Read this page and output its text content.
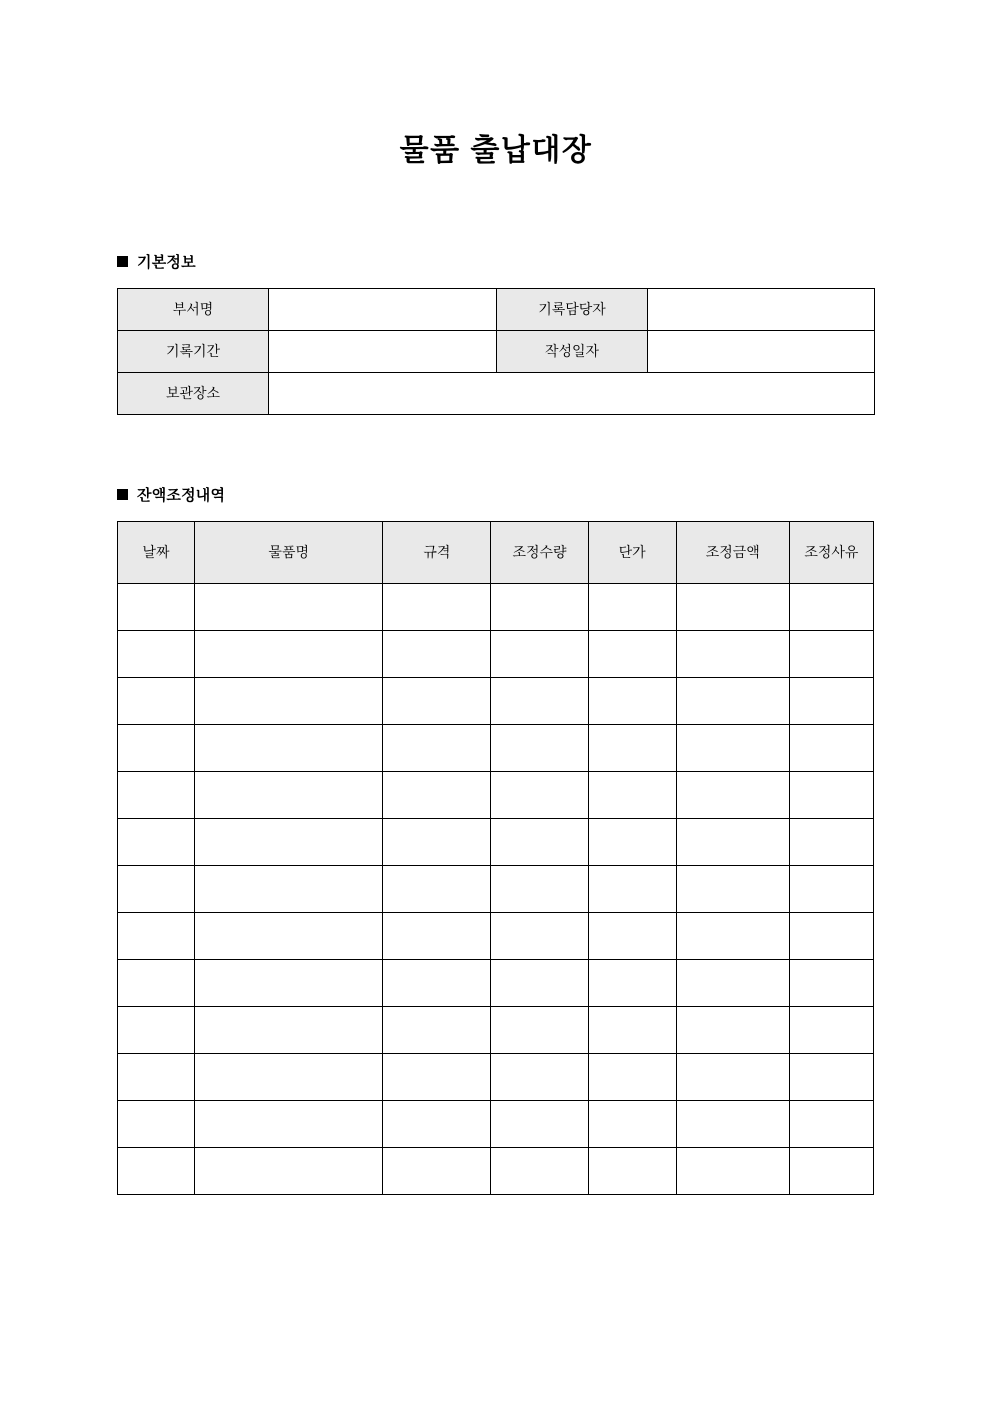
물품 출납대장
기본정보
부서명		기록담당자	
기록기간		작성일자	
보관장소			
잔액조정내역
날짜	물품명	규격	조정수량	단가	조정금액	조정사유
